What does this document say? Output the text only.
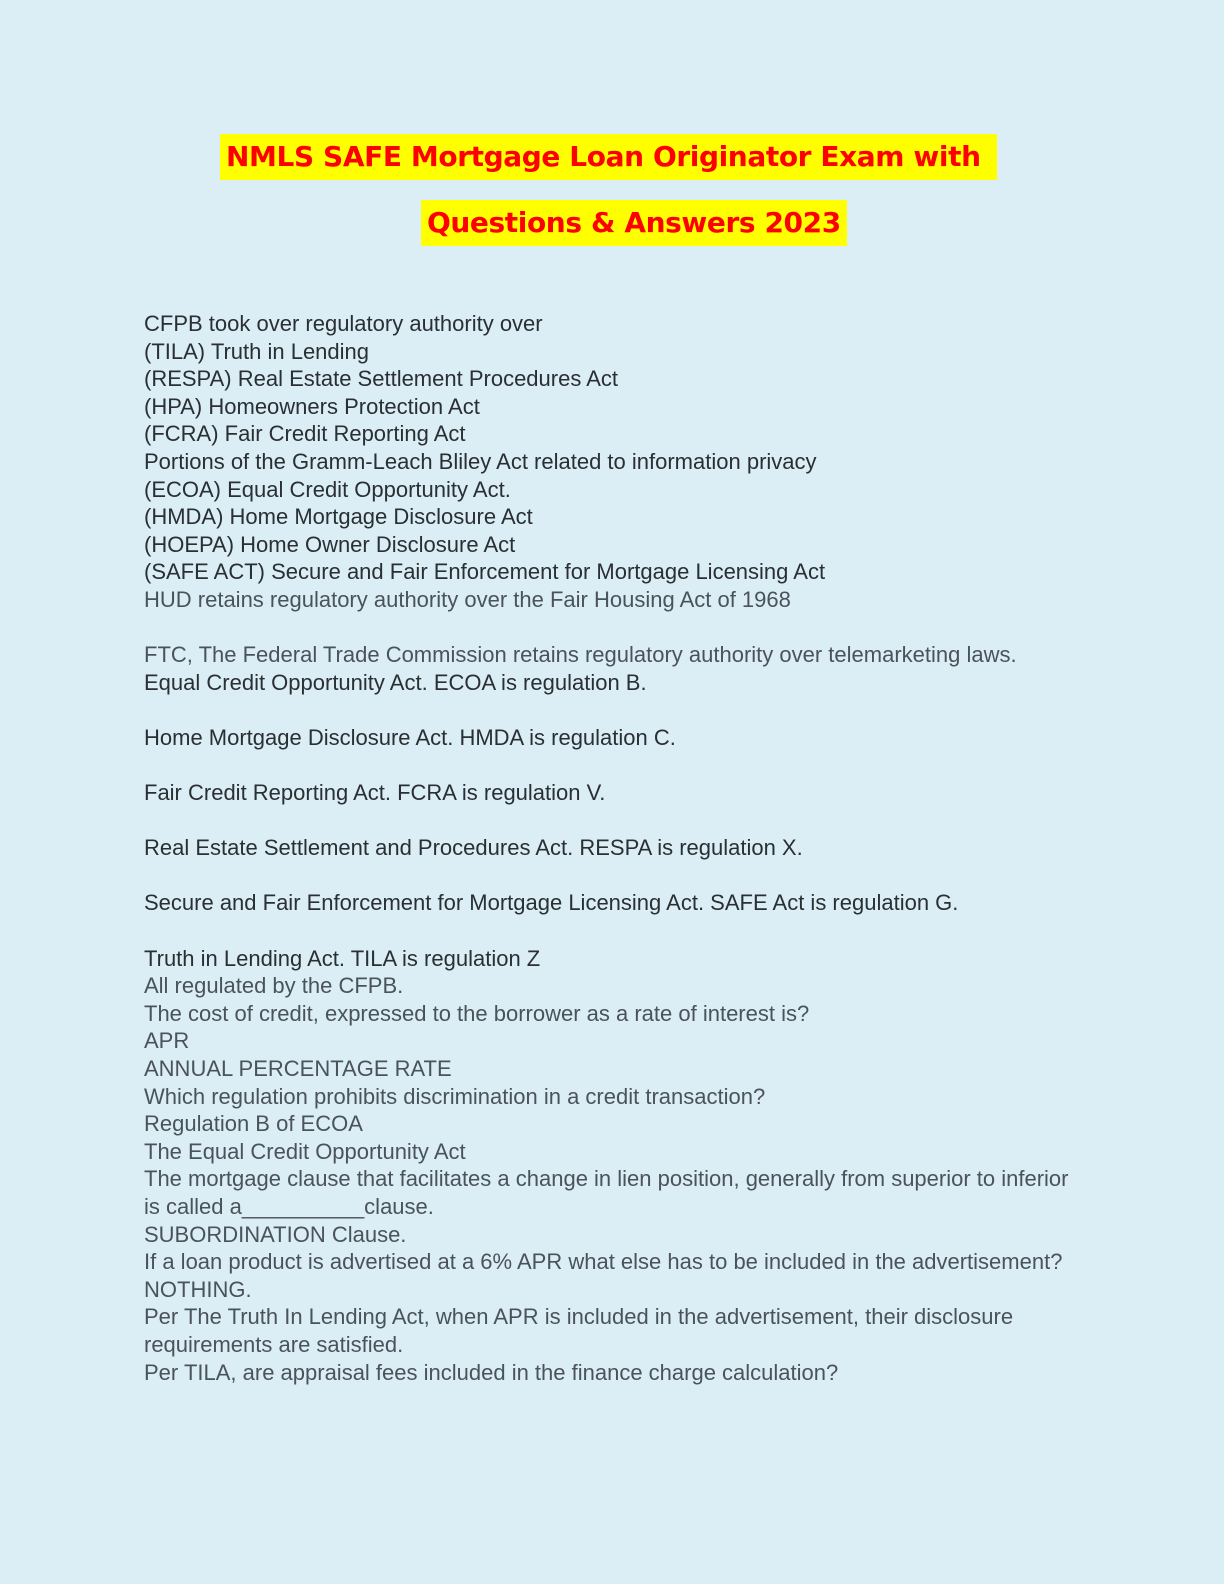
NMLS SAFE Mortgage Loan Originator Exam with
Questions & Answers 2023
CFPB took over regulatory authority over
(TILA) Truth in Lending
(RESPA) Real Estate Settlement Procedures Act
(HPA) Homeowners Protection Act
(FCRA) Fair Credit Reporting Act
Portions of the Gramm-Leach Bliley Act related to information privacy
(ECOA) Equal Credit Opportunity Act.
(HMDA) Home Mortgage Disclosure Act
(HOEPA) Home Owner Disclosure Act
(SAFE ACT) Secure and Fair Enforcement for Mortgage Licensing Act
HUD retains regulatory authority over the Fair Housing Act of 1968
FTC, The Federal Trade Commission retains regulatory authority over telemarketing laws.
Equal Credit Opportunity Act. ECOA is regulation B.
Home Mortgage Disclosure Act. HMDA is regulation C.
Fair Credit Reporting Act. FCRA is regulation V.
Real Estate Settlement and Procedures Act. RESPA is regulation X.
Secure and Fair Enforcement for Mortgage Licensing Act. SAFE Act is regulation G.
Truth in Lending Act. TILA is regulation Z
All regulated by the CFPB.
The cost of credit, expressed to the borrower as a rate of interest is?
APR
ANNUAL PERCENTAGE RATE
Which regulation prohibits discrimination in a credit transaction?
Regulation B of ECOA
The Equal Credit Opportunity Act
The mortgage clause that facilitates a change in lien position, generally from superior to inferior is called a__________clause.
SUBORDINATION Clause.
If a loan product is advertised at a 6% APR what else has to be included in the advertisement?
NOTHING.
Per The Truth In Lending Act, when APR is included in the advertisement, their disclosure requirements are satisfied.
Per TILA, are appraisal fees included in the finance charge calculation?
